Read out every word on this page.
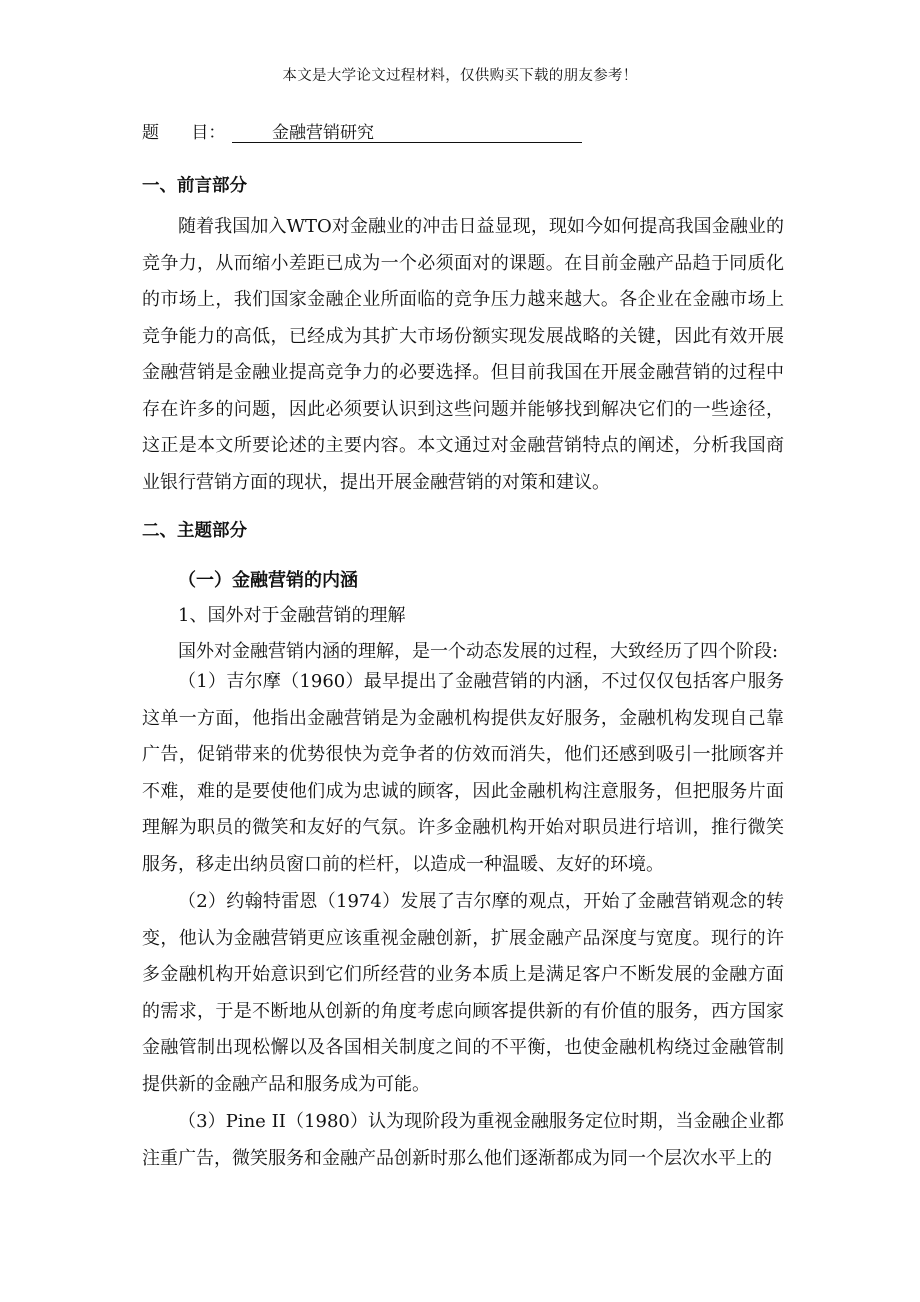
本文是大学论文过程材料，仅供购买下载的朋友参考！
题      目：	金融营销研究
一、前言部分
随着我国加入WTO对金融业的冲击日益显现，现如今如何提高我国金融业的竞争力，从而缩小差距已成为一个必须面对的课题。在目前金融产品趋于同质化的市场上，我们国家金融企业所面临的竞争压力越来越大。各企业在金融市场上竞争能力的高低，已经成为其扩大市场份额实现发展战略的关键，因此有效开展金融营销是金融业提高竞争力的必要选择。但目前我国在开展金融营销的过程中存在许多的问题，因此必须要认识到这些问题并能够找到解决它们的一些途径，这正是本文所要论述的主要内容。本文通过对金融营销特点的阐述，分析我国商业银行营销方面的现状，提出开展金融营销的对策和建议。
二、主题部分
（一）金融营销的内涵
1、国外对于金融营销的理解
国外对金融营销内涵的理解，是一个动态发展的过程，大致经历了四个阶段:
（1）吉尔摩（1960）最早提出了金融营销的内涵，不过仅仅包括客户服务这单一方面，他指出金融营销是为金融机构提供友好服务，金融机构发现自己靠广告，促销带来的优势很快为竞争者的仿效而消失，他们还感到吸引一批顾客并不难，难的是要使他们成为忠诚的顾客，因此金融机构注意服务，但把服务片面理解为职员的微笑和友好的气氛。许多金融机构开始对职员进行培训，推行微笑服务，移走出纳员窗口前的栏杆，以造成一种温暖、友好的环境。
（2）约翰特雷恩（1974）发展了吉尔摩的观点，开始了金融营销观念的转变，他认为金融营销更应该重视金融创新，扩展金融产品深度与宽度。现行的许多金融机构开始意识到它们所经营的业务本质上是满足客户不断发展的金融方面的需求，于是不断地从创新的角度考虑向顾客提供新的有价值的服务，西方国家金融管制出现松懈以及各国相关制度之间的不平衡，也使金融机构绕过金融管制提供新的金融产品和服务成为可能。
（3）Pine II（1980）认为现阶段为重视金融服务定位时期，当金融企业都注重广告，微笑服务和金融产品创新时那么他们逐渐都成为同一个层次水平上的
